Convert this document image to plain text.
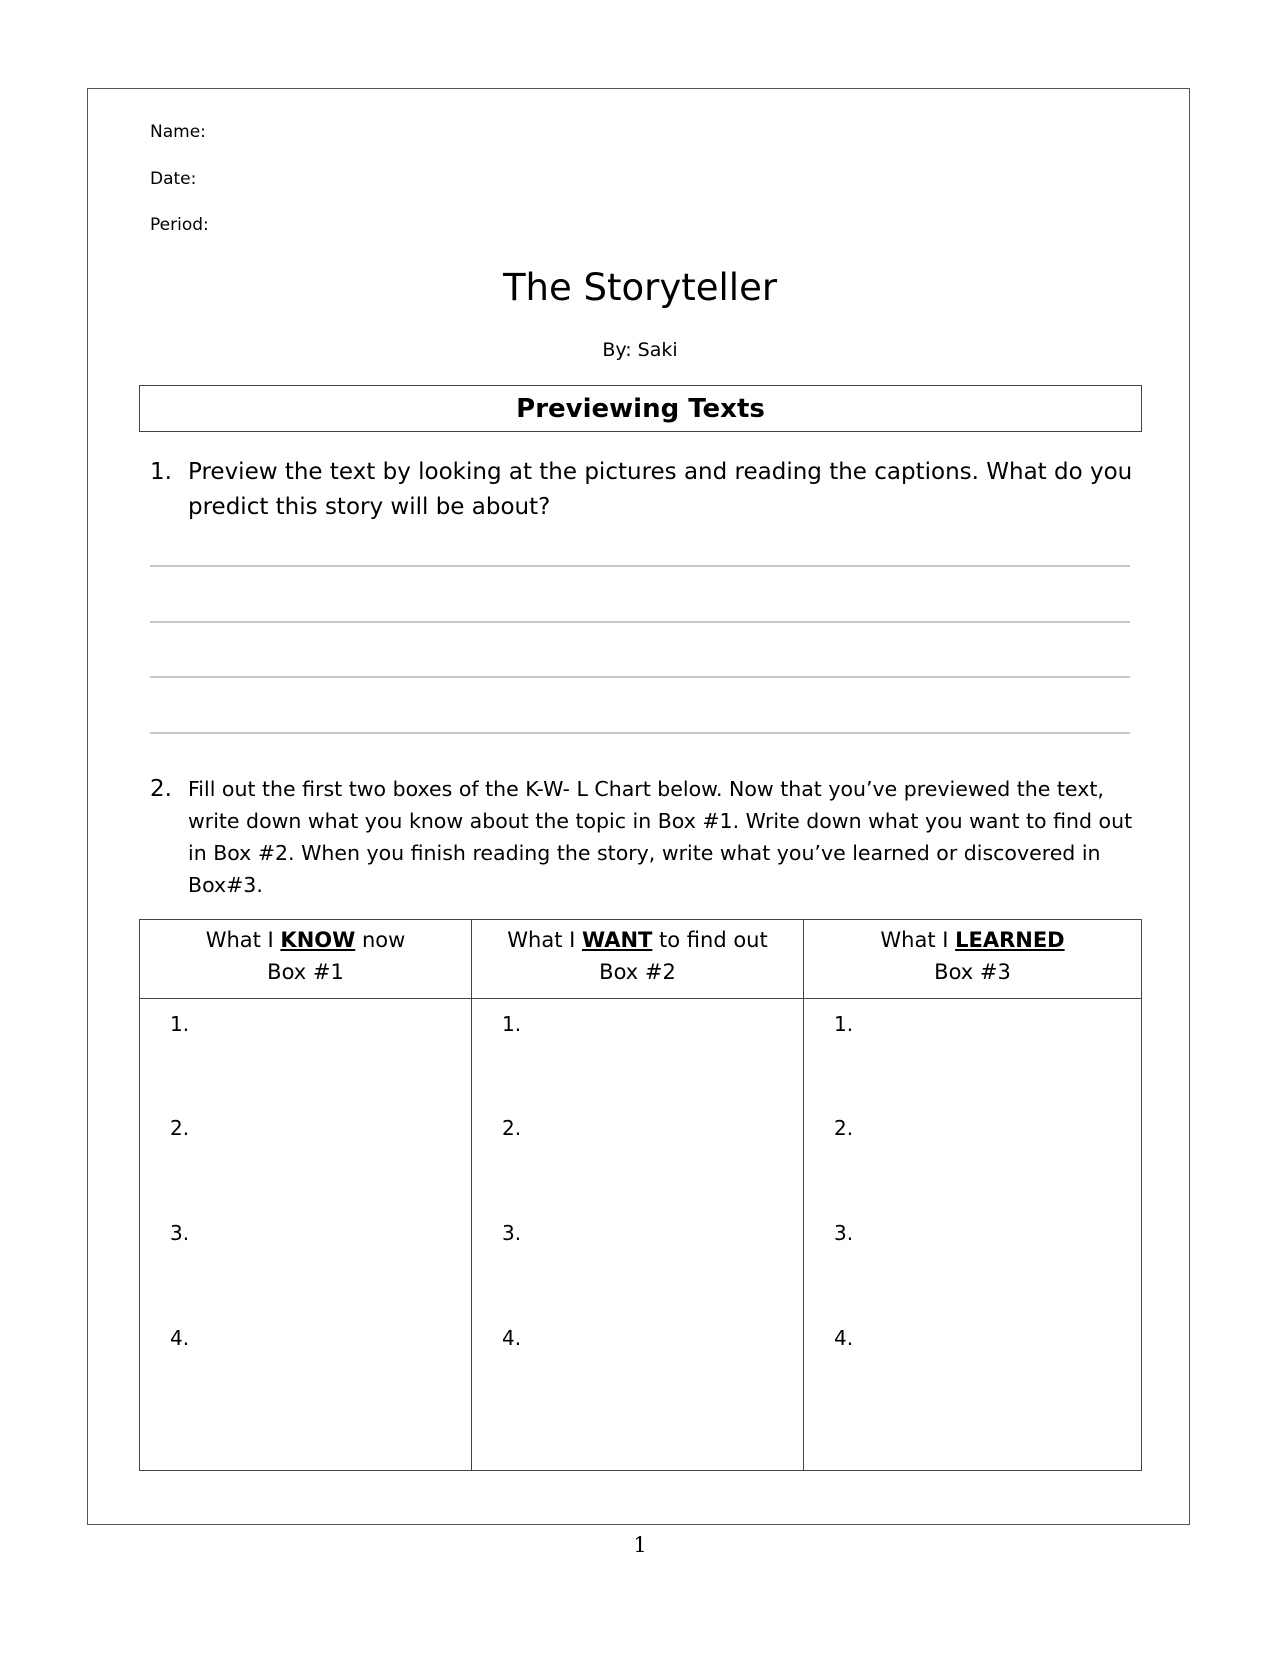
Name:
Date:
Period:
The Storyteller
By: Saki
Previewing Texts
1. Preview the text by looking at the pictures and reading the captions. What do you predict this story will be about?
2. Fill out the first two boxes of the K-W- L Chart below. Now that you’ve previewed the text, write down what you know about the topic in Box #1. Write down what you want to find out in Box #2. When you finish reading the story, write what you’ve learned or discovered in Box#3.
What I KNOW now
Box #1
What I WANT to find out
Box #2
What I LEARNED
Box #3
1.
2.
3.
4.
1.
2.
3.
4.
1.
2.
3.
4.
1
